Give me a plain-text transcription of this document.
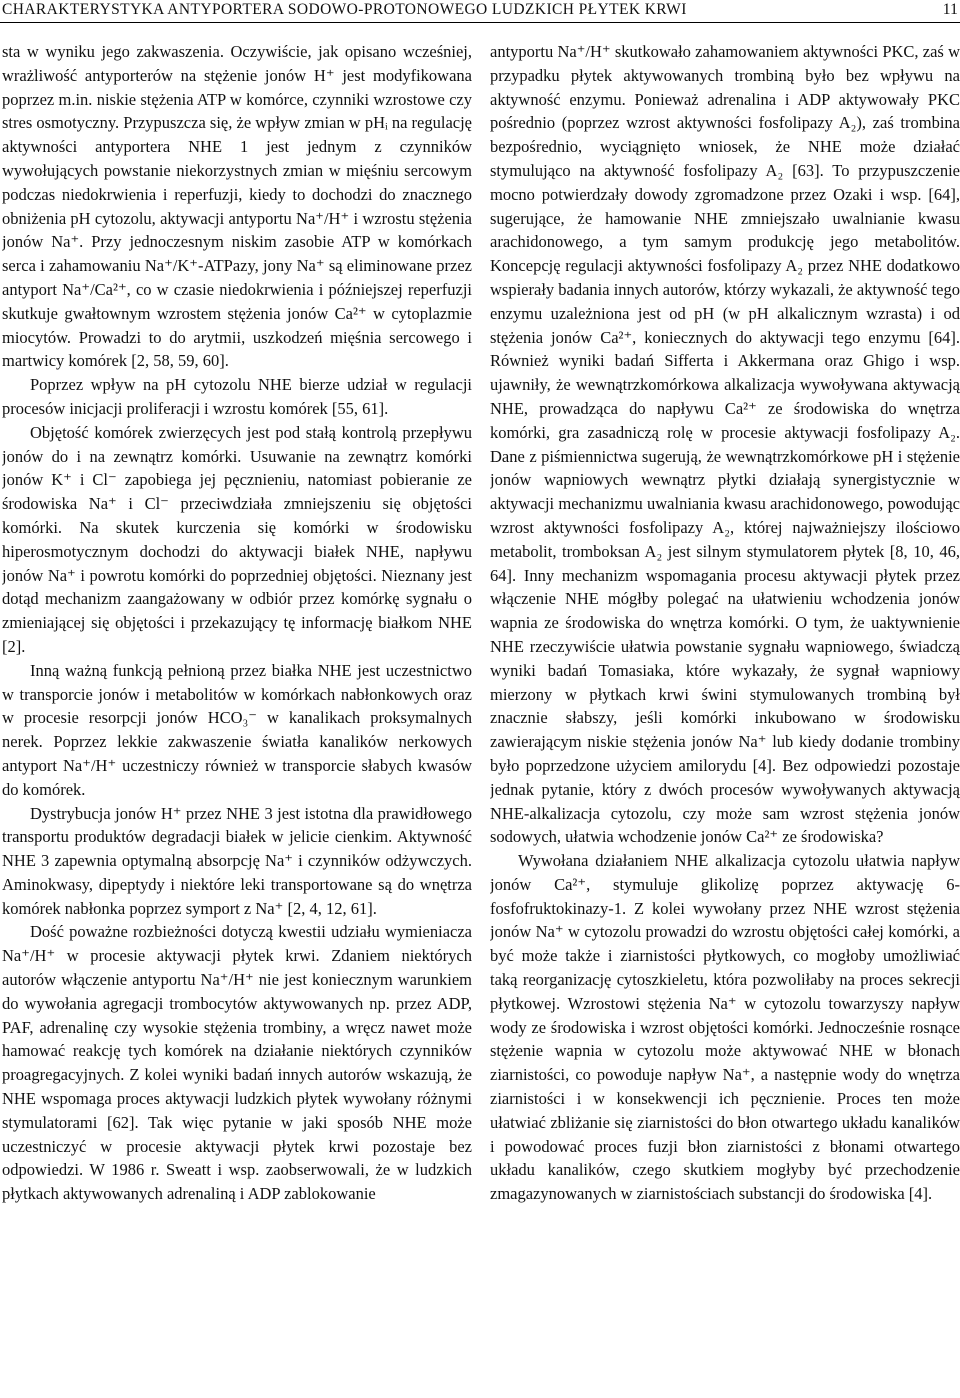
CHARAKTERYSTYKA ANTYPORTERA SODOWO-PROTONOWEGO LUDZKICH PŁYTEK KRWI	11

sta w wyniku jego zakwaszenia. Oczywiście, jak opisano wcześniej, wrażliwość antyporterów na stężenie jonów H⁺ jest modyfikowana poprzez m.in. niskie stężenia ATP w komórce, czynniki wzrostowe czy stres osmotyczny. Przypuszcza się, że wpływ zmian w pHᵢ na regulację aktywności antyportera NHE 1 jest jednym z czynników wywołujących powstanie niekorzystnych zmian w mięśniu sercowym podczas niedokrwienia i reperfuzji, kiedy to dochodzi do znacznego obniżenia pH cytozolu, aktywacji antyportu Na⁺/H⁺ i wzrostu stężenia jonów Na⁺. Przy jednoczesnym niskim zasobie ATP w komórkach serca i zahamowaniu Na⁺/K⁺-ATPazy, jony Na⁺ są eliminowane przez antyport Na⁺/Ca²⁺, co w czasie niedokrwienia i późniejszej reperfuzji skutkuje gwałtownym wzrostem stężenia jonów Ca²⁺ w cytoplazmie miocytów. Prowadzi to do arytmii, uszkodzeń mięśnia sercowego i martwicy komórek [2, 58, 59, 60].

Poprzez wpływ na pH cytozolu NHE bierze udział w regulacji procesów inicjacji proliferacji i wzrostu komórek [55, 61].

Objętość komórek zwierzęcych jest pod stałą kontrolą przepływu jonów do i na zewnątrz komórki. Usuwanie na zewnątrz komórki jonów K⁺ i Cl⁻ zapobiega jej pęcznieniu, natomiast pobieranie ze środowiska Na⁺ i Cl⁻ przeciwdziała zmniejszeniu się objętości komórki. Na skutek kurczenia się komórki w środowisku hiperosmotycznym dochodzi do aktywacji białek NHE, napływu jonów Na⁺ i powrotu komórki do poprzedniej objętości. Nieznany jest dotąd mechanizm zaangażowany w odbiór przez komórkę sygnału o zmieniającej się objętości i przekazujący tę informację białkom NHE [2].

Inną ważną funkcją pełnioną przez białka NHE jest uczestnictwo w transporcie jonów i metabolitów w komórkach nabłonkowych oraz w procesie resorpcji jonów HCO₃⁻ w kanalikach proksymalnych nerek. Poprzez lekkie zakwaszenie światła kanalików nerkowych antyport Na⁺/H⁺ uczestniczy również w transporcie słabych kwasów do komórek.

Dystrybucja jonów H⁺ przez NHE 3 jest istotna dla prawidłowego transportu produktów degradacji białek w jelicie cienkim. Aktywność NHE 3 zapewnia optymalną absorpcję Na⁺ i czynników odżywczych. Aminokwasy, dipeptydy i niektóre leki transportowane są do wnętrza komórek nabłonka poprzez symport z Na⁺ [2, 4, 12, 61].

Dość poważne rozbieżności dotyczą kwestii udziału wymieniacza Na⁺/H⁺ w procesie aktywacji płytek krwi. Zdaniem niektórych autorów włączenie antyportu Na⁺/H⁺ nie jest koniecznym warunkiem do wywołania agregacji trombocytów aktywowanych np. przez ADP, PAF, adrenalinę czy wysokie stężenia trombiny, a wręcz nawet może hamować reakcję tych komórek na działanie niektórych czynników proagregacyjnych. Z kolei wyniki badań innych autorów wskazują, że NHE wspomaga proces aktywacji ludzkich płytek wywołany różnymi stymulatorami [62]. Tak więc pytanie w jaki sposób NHE może uczestniczyć w procesie aktywacji płytek krwi pozostaje bez odpowiedzi. W 1986 r. Sweatt i wsp. zaobserwowali, że w ludzkich płytkach aktywowanych adrenaliną i ADP zablokowanie

antyportu Na⁺/H⁺ skutkowało zahamowaniem aktywności PKC, zaś w przypadku płytek aktywowanych trombiną było bez wpływu na aktywność enzymu. Ponieważ adrenalina i ADP aktywowały PKC pośrednio (poprzez wzrost aktywności fosfolipazy A₂), zaś trombina bezpośrednio, wyciągnięto wniosek, że NHE może działać stymulująco na aktywność fosfolipazy A₂ [63]. To przypuszczenie mocno potwierdzały dowody zgromadzone przez Ozaki i wsp. [64], sugerujące, że hamowanie NHE zmniejszało uwalnianie kwasu arachidonowego, a tym samym produkcję jego metabolitów. Koncepcję regulacji aktywności fosfolipazy A₂ przez NHE dodatkowo wspierały badania innych autorów, którzy wykazali, że aktywność tego enzymu uzależniona jest od pH (w pH alkalicznym wzrasta) i od stężenia jonów Ca²⁺, koniecznych do aktywacji tego enzymu [64]. Również wyniki badań Sifferta i Akkermana oraz Ghigo i wsp. ujawniły, że wewnątrzkomórkowa alkalizacja wywoływana aktywacją NHE, prowadząca do napływu Ca²⁺ ze środowiska do wnętrza komórki, gra zasadniczą rolę w procesie aktywacji fosfolipazy A₂. Dane z piśmiennictwa sugerują, że wewnątrzkomórkowe pH i stężenie jonów wapniowych wewnątrz płytki działają synergistycznie w aktywacji mechanizmu uwalniania kwasu arachidonowego, powodując wzrost aktywności fosfolipazy A₂, której najważniejszy ilościowo metabolit, tromboksan A₂ jest silnym stymulatorem płytek [8, 10, 46, 64]. Inny mechanizm wspomagania procesu aktywacji płytek przez włączenie NHE mógłby polegać na ułatwieniu wchodzenia jonów wapnia ze środowiska do wnętrza komórki. O tym, że uaktywnienie NHE rzeczywiście ułatwia powstanie sygnału wapniowego, świadczą wyniki badań Tomasiaka, które wykazały, że sygnał wapniowy mierzony w płytkach krwi świni stymulowanych trombiną był znacznie słabszy, jeśli komórki inkubowano w środowisku zawierającym niskie stężenia jonów Na⁺ lub kiedy dodanie trombiny było poprzedzone użyciem amilorydu [4]. Bez odpowiedzi pozostaje jednak pytanie, który z dwóch procesów wywoływanych aktywacją NHE-alkalizacja cytozolu, czy może sam wzrost stężenia jonów sodowych, ułatwia wchodzenie jonów Ca²⁺ ze środowiska?

Wywołana działaniem NHE alkalizacja cytozolu ułatwia napływ jonów Ca²⁺, stymuluje glikolizę poprzez aktywację 6-fosfofruktokinazy-1. Z kolei wywołany przez NHE wzrost stężenia jonów Na⁺ w cytozolu prowadzi do wzrostu objętości całej komórki, a być może także i ziarnistości płytkowych, co mogłoby umożliwiać taką reorganizację cytoszkieletu, która pozwoliłaby na proces sekrecji płytkowej. Wzrostowi stężenia Na⁺ w cytozolu towarzyszy napływ wody ze środowiska i wzrost objętości komórki. Jednocześnie rosnące stężenie wapnia w cytozolu może aktywować NHE w błonach ziarnistości, co powoduje napływ Na⁺, a następnie wody do wnętrza ziarnistości i w konsekwencji ich pęcznienie. Proces ten może ułatwiać zbliżanie się ziarnistości do błon otwartego układu kanalików i powodować proces fuzji błon ziarnistości z błonami otwartego układu kanalików, czego skutkiem mogłyby być przechodzenie zmagazynowanych w ziarnistościach substancji do środowiska [4].
